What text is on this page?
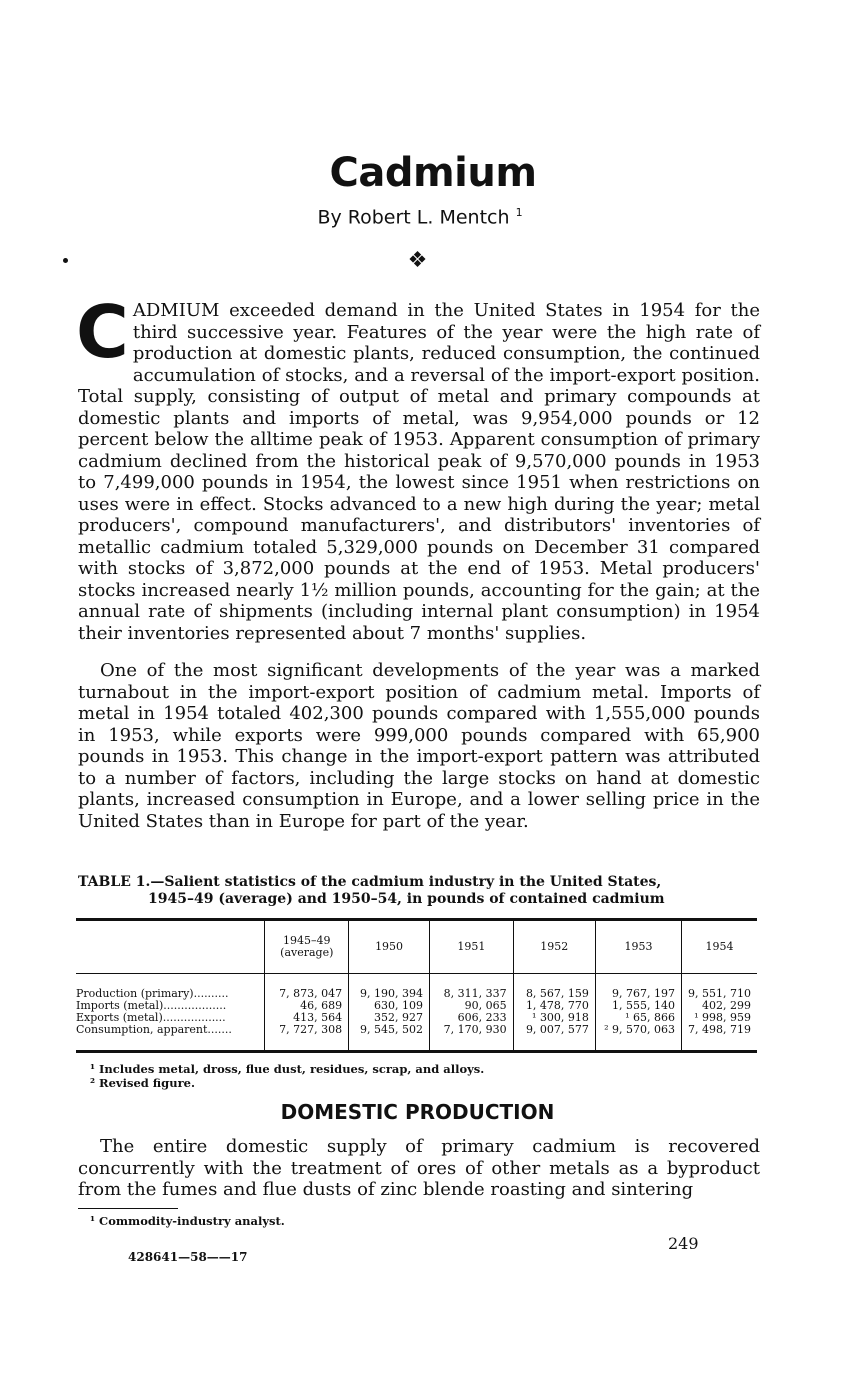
Cadmium
By Robert L. Mentch $^1$
❖
CADMIUM exceeded demand in the United States in 1954 for the third successive year. Features of the year were the high rate of production at domestic plants, reduced consumption, the continued accumulation of stocks, and a reversal of the import-export position. Total supply, consisting of output of metal and primary compounds at domestic plants and imports of metal, was 9,954,000 pounds or 12 percent below the alltime peak of 1953. Apparent consumption of primary cadmium declined from the historical peak of 9,570,000 pounds in 1953 to 7,499,000 pounds in 1954, the lowest since 1951 when restrictions on uses were in effect. Stocks advanced to a new high during the year; metal producers', compound manufacturers', and distributors' inventories of metallic cadmium totaled 5,329,000 pounds on December 31 compared with stocks of 3,872,000 pounds at the end of 1953. Metal producers' stocks increased nearly 1½ million pounds, accounting for the gain; at the annual rate of shipments (including internal plant consumption) in 1954 their inventories represented about 7 months' supplies.
One of the most significant developments of the year was a marked turnabout in the import-export position of cadmium metal. Imports of metal in 1954 totaled 402,300 pounds compared with 1,555,000 pounds in 1953, while exports were 999,000 pounds compared with 65,900 pounds in 1953. This change in the import-export pattern was attributed to a number of factors, including the large stocks on hand at domestic plants, increased consumption in Europe, and a lower selling price in the United States than in Europe for part of the year.
TABLE 1.—Salient statistics of the cadmium industry in the United States,
1945–49 (average) and 1950–54, in pounds of contained cadmium
	1945–49 (average)	1950	1951	1952	1953	1954
Production (primary)..........	7, 873, 047	9, 190, 394	8, 311, 337	8, 567, 159	9, 767, 197	9, 551, 710
Imports (metal)..................	46, 689	630, 109	90, 065	1, 478, 770	1, 555, 140	402, 299
Exports (metal)..................	413, 564	352, 927	606, 233	¹ 300, 918	¹ 65, 866	¹ 998, 959
Consumption, apparent.......	7, 727, 308	9, 545, 502	7, 170, 930	9, 007, 577	² 9, 570, 063	7, 498, 719
¹ Includes metal, dross, flue dust, residues, scrap, and alloys.
² Revised figure.
DOMESTIC PRODUCTION
The entire domestic supply of primary cadmium is recovered concurrently with the treatment of ores of other metals as a byproduct from the fumes and flue dusts of zinc blende roasting and sintering
¹ Commodity-industry analyst.
249
428641—58——17
